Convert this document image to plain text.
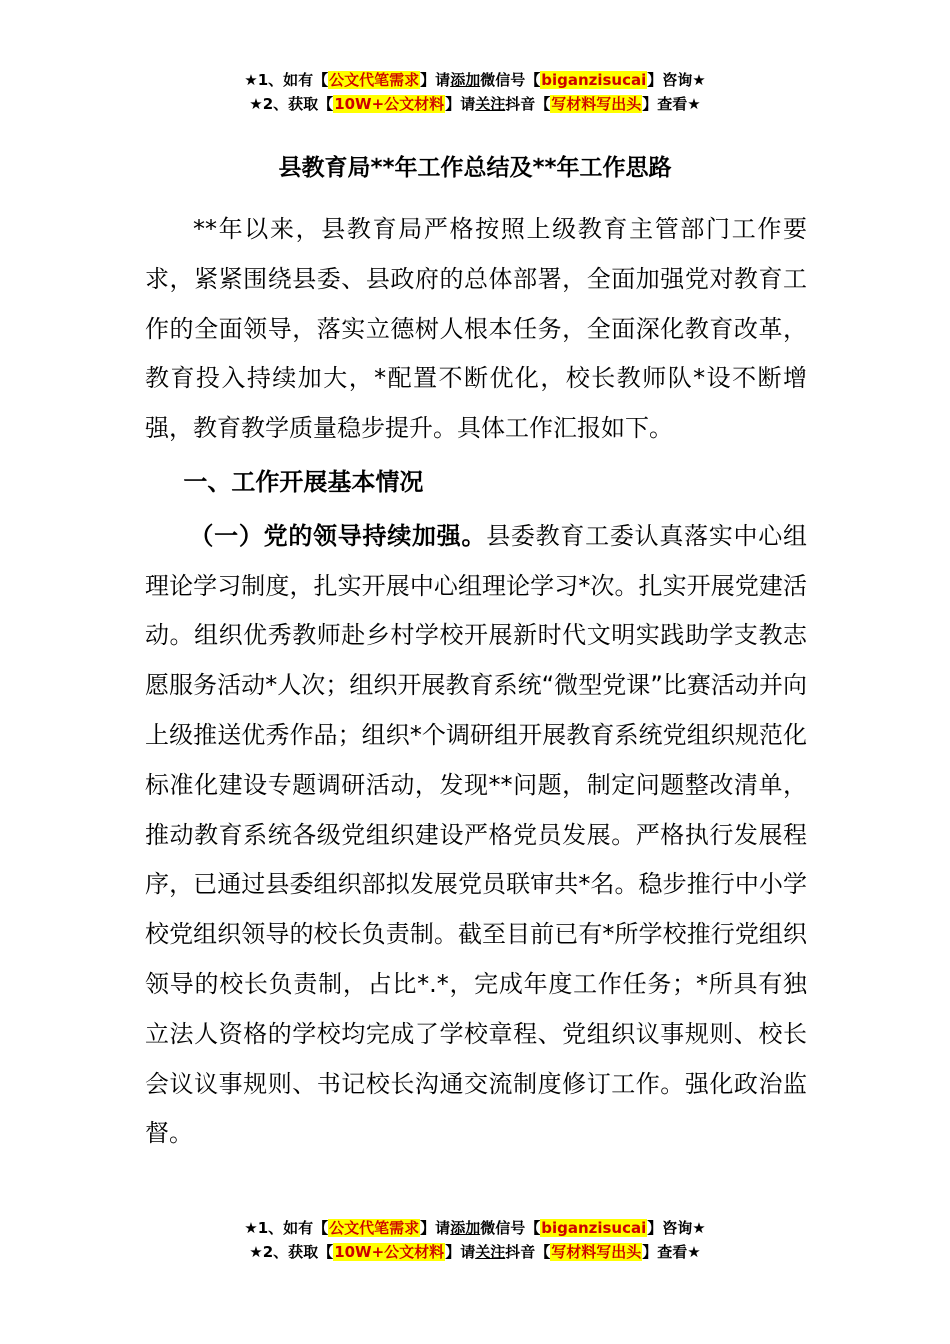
★1、如有【公文代笔需求】请添加微信号【biganzisucai】咨询★
★2、获取【10W+公文材料】请关注抖音【写材料写出头】查看★
县教育局**年工作总结及**年工作思路

**年以来，县教育局严格按照上级教育主管部门工作要求，紧紧围绕县委、县政府的总体部署，全面加强党对教育工作的全面领导，落实立德树人根本任务，全面深化教育改革，教育投入持续加大，*配置不断优化，校长教师队*设不断增强，教育教学质量稳步提升。具体工作汇报如下。

一、工作开展基本情况

（一）党的领导持续加强。县委教育工委认真落实中心组理论学习制度，扎实开展中心组理论学习*次。扎实开展党建活动。组织优秀教师赴乡村学校开展新时代文明实践助学支教志愿服务活动*人次；组织开展教育系统“微型党课”比赛活动并向上级推送优秀作品；组织*个调研组开展教育系统党组织规范化标准化建设专题调研活动，发现**问题，制定问题整改清单，推动教育系统各级党组织建设严格党员发展。严格执行发展程序，已通过县委组织部拟发展党员联审共*名。稳步推行中小学校党组织领导的校长负责制。截至目前已有*所学校推行党组织领导的校长负责制，占比*.*，完成年度工作任务；*所具有独立法人资格的学校均完成了学校章程、党组织议事规则、校长会议议事规则、书记校长沟通交流制度修订工作。强化政治监督。

★1、如有【公文代笔需求】请添加微信号【biganzisucai】咨询★
★2、获取【10W+公文材料】请关注抖音【写材料写出头】查看★
